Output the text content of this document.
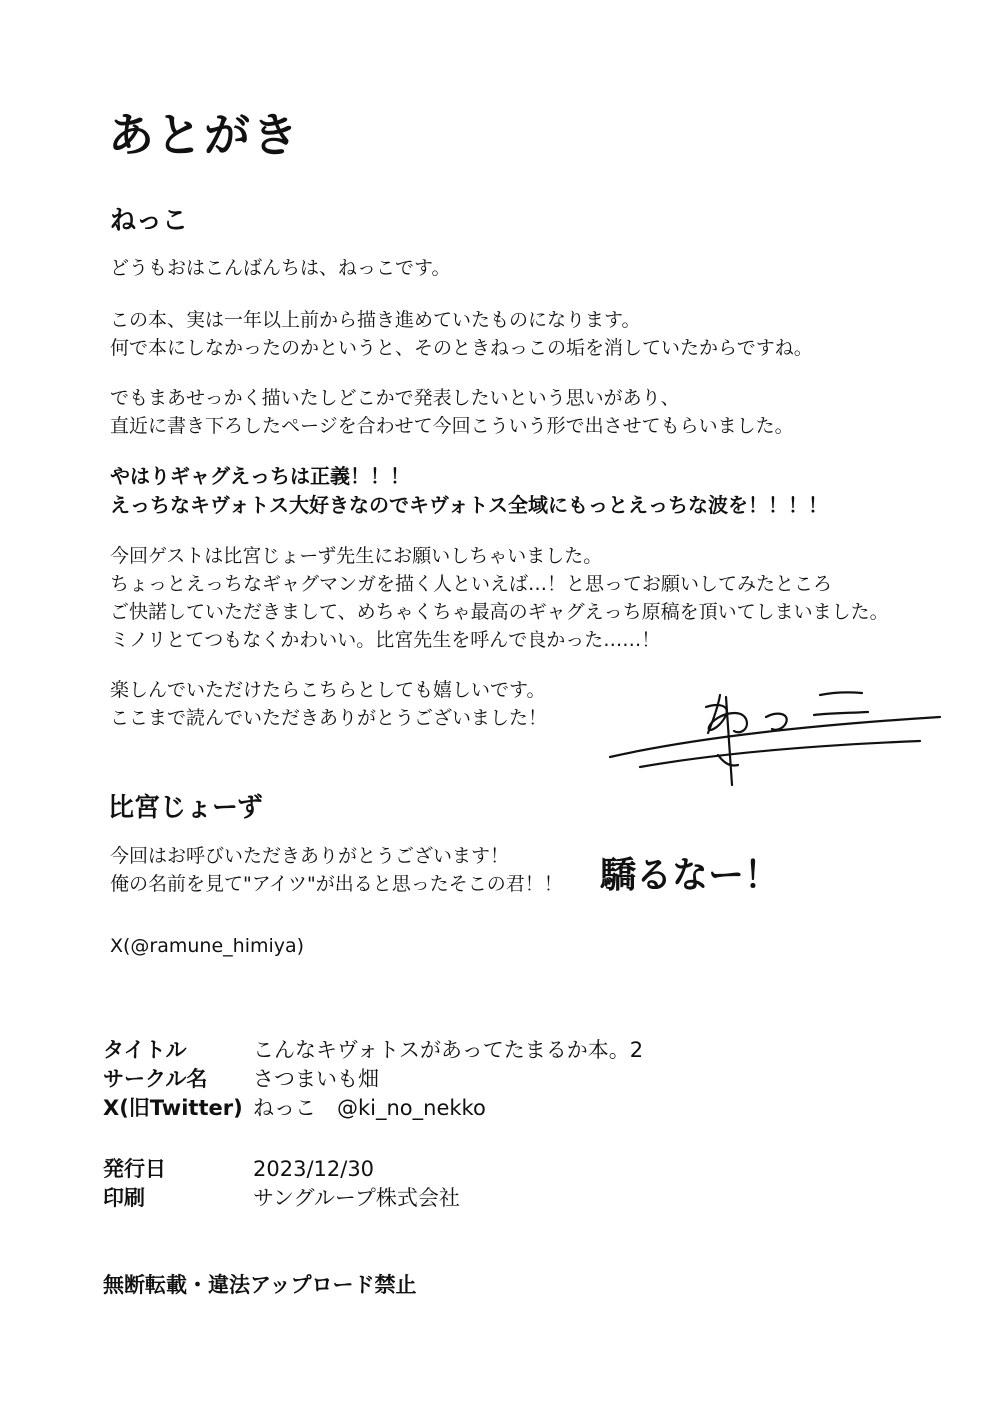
あとがき
ねっこ
どうもおはこんばんちは、ねっこです。
この本、実は一年以上前から描き進めていたものになります。
何で本にしなかったのかというと、そのときねっこの垢を消していたからですね。
でもまあせっかく描いたしどこかで発表したいという思いがあり、
直近に書き下ろしたページを合わせて今回こういう形で出させてもらいました。
やはりギャグえっちは正義！！！
えっちなキヴォトス大好きなのでキヴォトス全域にもっとえっちな波を！！！！
今回ゲストは比宮じょーず先生にお願いしちゃいました。
ちょっとえっちなギャグマンガを描く人といえば…！と思ってお願いしてみたところ
ご快諾していただきまして、めちゃくちゃ最高のギャグえっち原稿を頂いてしまいました。
ミノリとてつもなくかわいい。比宮先生を呼んで良かった……！
楽しんでいただけたらこちらとしても嬉しいです。
ここまで読んでいただきありがとうございました！
比宮じょーず
今回はお呼びいただきありがとうございます！
俺の名前を見て"アイツ"が出ると思ったそこの君！！ 驕るなー！
X(@ramune_himiya)
タイトル	こんなキヴォトスがあってたまるか本。2
サークル名 さつまいも畑
X(旧Twitter) ねっこ　@ki_no_nekko
発行日	2023/12/30
印刷	サングループ株式会社
無断転載・違法アップロード禁止
